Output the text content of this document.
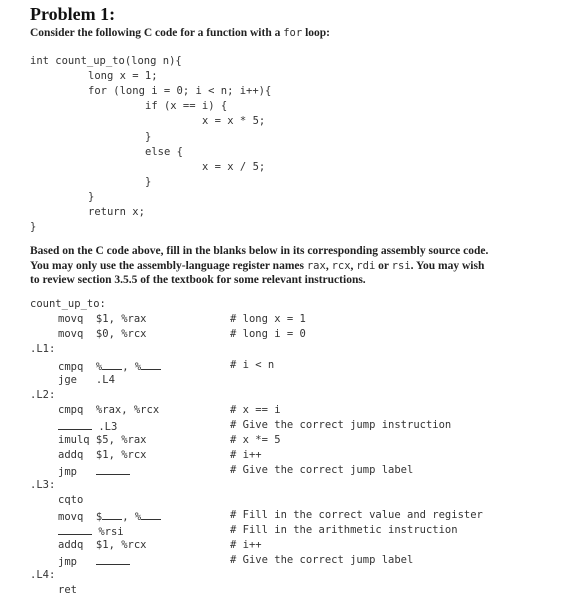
Problem 1:
Consider the following C code for a function with a for loop:
int count_up_to(long n){
long x = 1;
for (long i = 0; i < n; i++){
if (x == i) {
x = x * 5;
}
else {
x = x / 5;
}
}
return x;
}
Based on the C code above, fill in the blanks below in its corresponding assembly source code.
You may only use the assembly-language register names rax, rcx, rdi or rsi. You may wish
to review section 3.5.5 of the textbook for some relevant instructions.
count_up_to:
movq  $1, %rax	# long x = 1
movq  $0, %rcx	# long i = 0
.L1:
cmpq  % , %	# i < n
jge   .L4
.L2:
cmpq  %rax, %rcx	# x == i
.L3	# Give the correct jump instruction
imulq $5, %rax	# x *= 5
addq  $1, %rcx	# i++
jmp	# Give the correct jump label
.L3:
cqto
movq  $ , %	# Fill in the correct value and register
%rsi	# Fill in the arithmetic instruction
addq  $1, %rcx	# i++
jmp	# Give the correct jump label
.L4:
ret
